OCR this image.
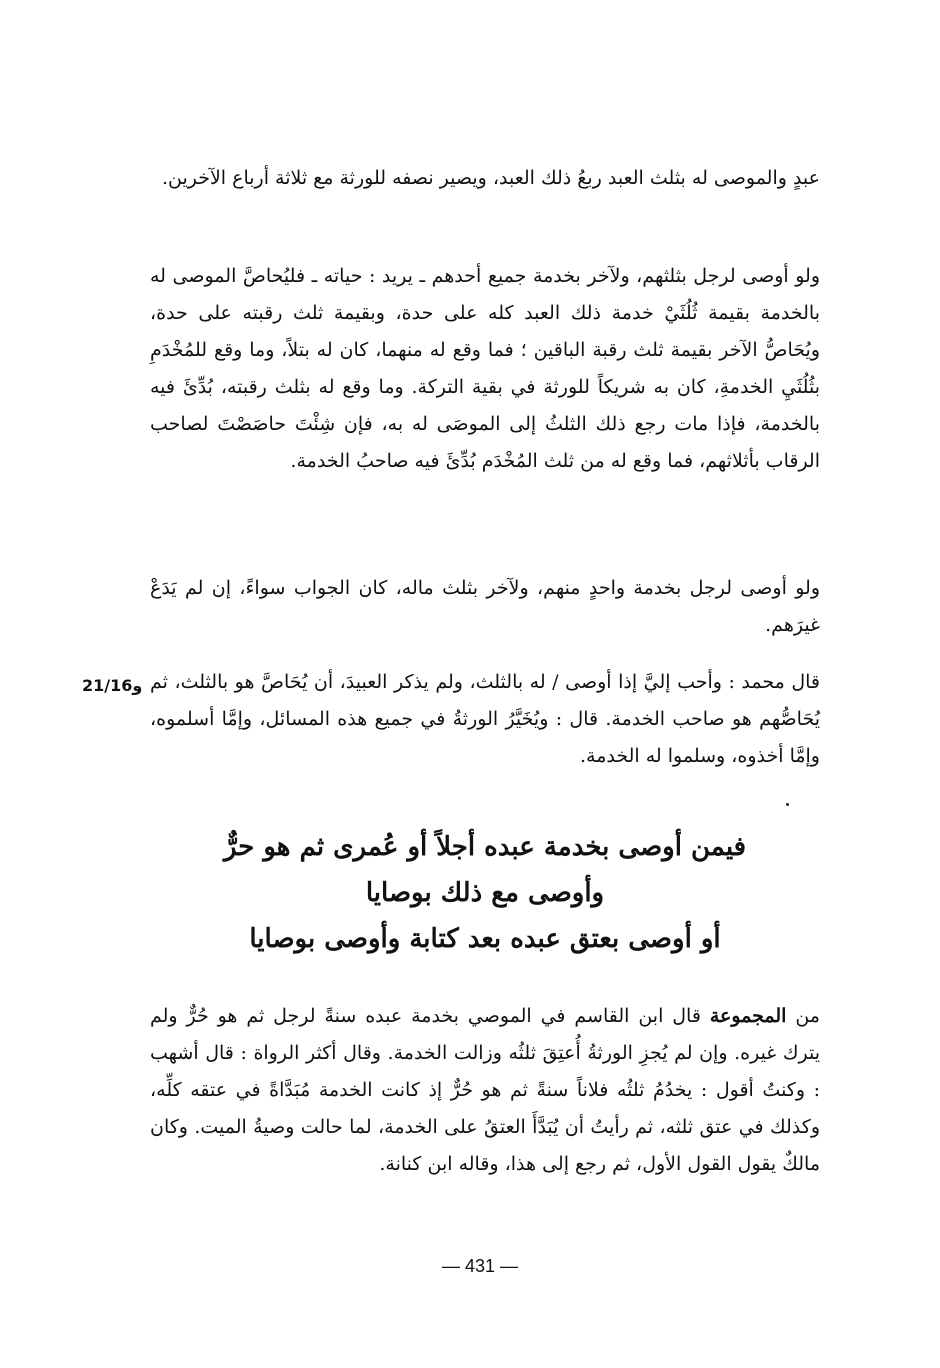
عبدٍ والموصى له بثلث العبد ربعُ ذلك العبد، ويصير نصفه للورثة مع ثلاثة أرباع الآخرين.

ولو أوصى لرجل بثلثهم، ولآخر بخدمة جميع أحدهم ـ يريد : حياته ـ فليُحاصَّ الموصى له بالخدمة بقيمة ثُلُثَيْ خدمة ذلك العبد كله على حدة، وبقيمة ثلث رقبته على حدة، ويُحَاصُّ الآخر بقيمة ثلث رقبة الباقين ؛ فما وقع له منهما، كان له بتلاً، وما وقع للمُخْدَمِ بثُلُثَيِ الخدمةِ، كان به شريكاً للورثة في بقية التركة. وما وقع له بثلث رقبته، بُدِّئَ فيه بالخدمة، فإذا مات رجع ذلك الثلثُ إلى الموصَى له به، فإن شِئْتَ حاصَصْتَ لصاحب الرقاب بأثلاثهم، فما وقع له من ثلث المُخْدَم بُدِّئَ فيه صاحبُ الخدمة.

ولو أوصى لرجل بخدمة واحدٍ منهم، ولآخر بثلث ماله، كان الجواب سواءً، إن لم يَدَعْ غيرَهم.

21/16و قال محمد : وأحب إليَّ إذا أوصى / له بالثلث، ولم يذكر العبيدَ، أن يُحَاصَّ هو بالثلث، ثم يُحَاصُّهم هو صاحب الخدمة. قال : ويُخَيَّرُ الورثةُ في جميع هذه المسائل، وإمَّا أسلموه، وإمَّا أخذوه، وسلموا له الخدمة.

فيمن أوصى بخدمة عبده أجلاً أو عُمرى ثم هو حرٌّ
وأوصى مع ذلك بوصايا
أو أوصى بعتق عبده بعد كتابة وأوصى بوصايا

من المجموعة قال ابن القاسم في الموصي بخدمة عبده سنةً لرجل ثم هو حُرٌّ ولم يترك غيره. وإن لم يُجزِ الورثةُ أُعتِقَ ثلثُه وزالت الخدمة. وقال أكثر الرواة : قال أشهب : وكنتُ أقول : يخدُمُ ثلثُه فلاناً سنةً ثم هو حُرٌّ إذ كانت الخدمة مُبَدَّاةً في عتقه كلِّه، وكذلك في عتق ثلثه، ثم رأيتُ أن يُبَدَّأَ العتقُ على الخدمة، لما حالت وصيةُ الميت. وكان مالكٌ يقول القول الأول، ثم رجع إلى هذا، وقاله ابن كنانة.

— 431 —
